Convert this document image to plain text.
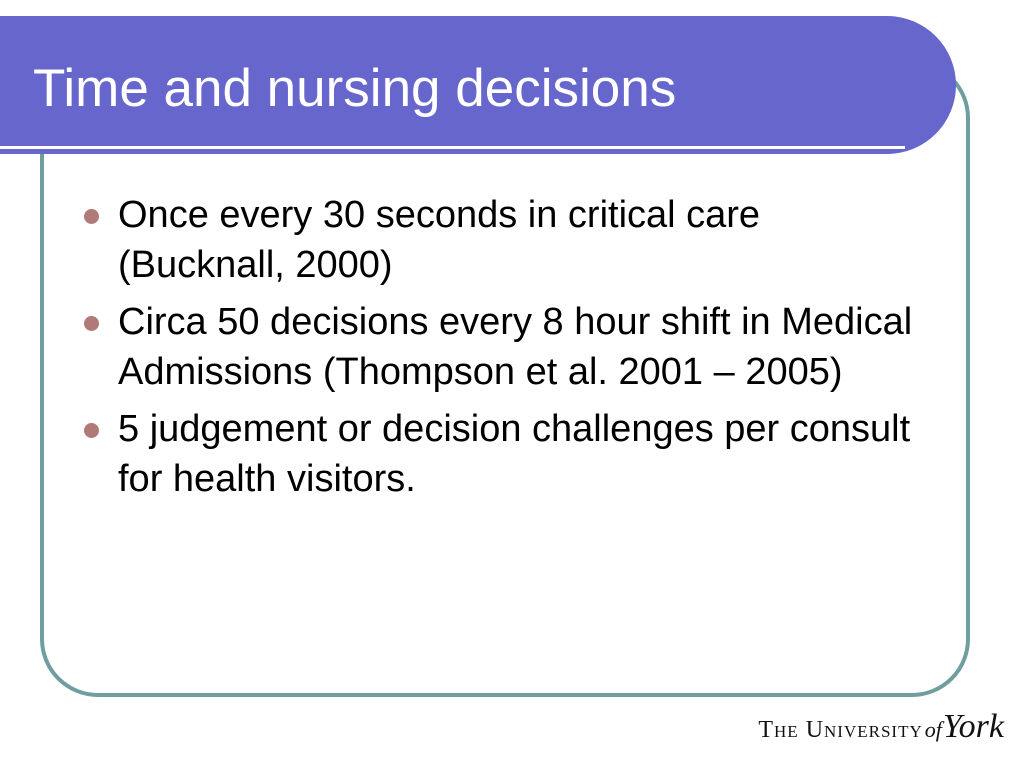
Time and nursing decisions
Once every 30 seconds in critical care (Bucknall, 2000)
Circa 50 decisions every 8 hour shift in Medical Admissions (Thompson et al. 2001 – 2005)
5 judgement or decision challenges per consult for health visitors.
The University of York
